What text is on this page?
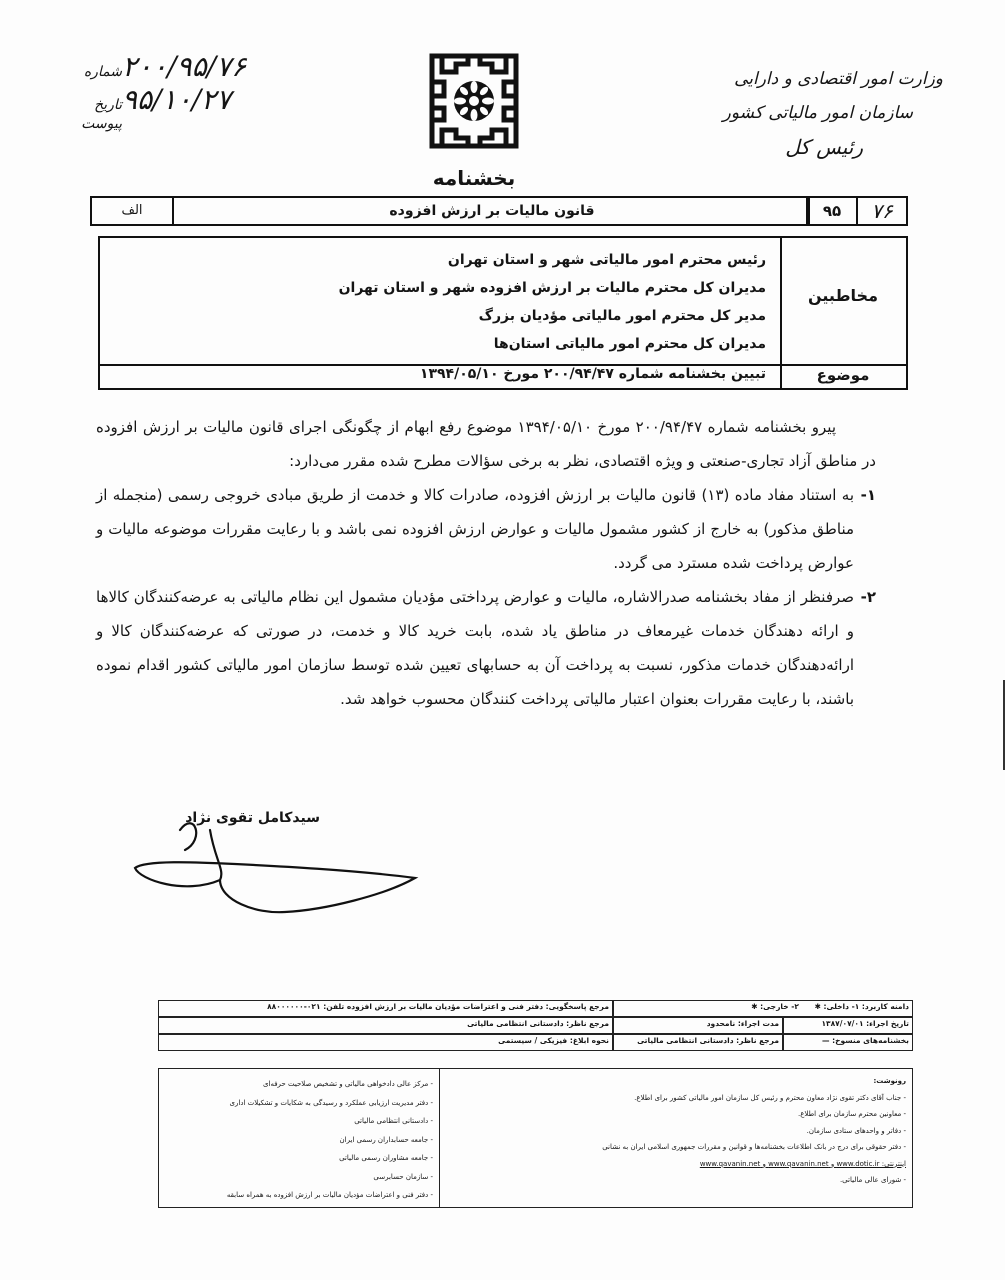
وزارت امور اقتصادی و دارایی
سازمان امور مالیاتی کشور
رئیس کل
شماره ۲۰۰/۹۵/۷۶
تاریخ ۹۵/۱۰/۲۷
پیوست
بخشنامه
الف	قانون مالیات بر ارزش افزوده	۷۶
۹۵
مخاطبین
رئیس محترم امور مالیاتی شهر و استان تهران
مدیران کل محترم مالیات بر ارزش افزوده شهر و استان تهران
مدیر کل محترم امور مالیاتی مؤدیان بزرگ
مدیران کل محترم امور مالیاتی استان‌ها
موضوع
تبیین بخشنامه شماره ۲۰۰/۹۴/۴۷ مورخ ۱۳۹۴/۰۵/۱۰

پیرو بخشنامه شماره ۲۰۰/۹۴/۴۷ مورخ ۱۳۹۴/۰۵/۱۰ موضوع رفع ابهام از چگونگی اجرای قانون مالیات بر ارزش افزوده در مناطق آزاد تجاری-صنعتی و ویژه اقتصادی، نظر به برخی سؤالات مطرح شده مقرر می‌دارد:

۱-
به استناد مفاد ماده (۱۳) قانون مالیات بر ارزش افزوده، صادرات کالا و خدمت از طریق مبادی خروجی رسمی (منجمله از مناطق مذکور) به خارج از کشور مشمول مالیات و عوارض ارزش افزوده نمی باشد و با رعایت مقررات موضوعه مالیات و عوارض پرداخت شده مسترد می گردد.
۲-
صرفنظر از مفاد بخشنامه صدرالاشاره، مالیات و عوارض پرداختی مؤدیان مشمول این نظام مالیاتی به عرضه‌کنندگان کالاها و ارائه دهندگان خدمات غیرمعاف در مناطق یاد شده، بابت خرید کالا و خدمت، در صورتی که عرضه‌کنندگان کالا و ارائه‌دهندگان خدمات مذکور، نسبت به پرداخت آن به حسابهای تعیین شده توسط سازمان امور مالیاتی کشور اقدام نموده باشند، با رعایت مقررات بعنوان اعتبار مالیاتی پرداخت کنندگان محسوب خواهد شد.
سیدکامل تقوی نژاد
دامنه کاربرد: ۱- داخلی: ✱      ۲- خارجی: ✱
مرجع پاسخگویی: دفتر فنی و اعتراضات مؤدیان مالیات بر ارزش افزوده تلفن: ۰۲۱-۸۸۰۰۰۰۰۰
تاریخ اجراء: ۱۳۸۷/۰۷/۰۱
مدت اجراء: نامحدود
مرجع ناظر: دادستانی انتظامی مالیاتی
بخشنامه‌های منسوخ: —
مرجع ناظر: دادستانی انتظامی مالیاتی
نحوه ابلاغ: فیزیکی / سیستمی
رونوشت:
- جناب آقای دکتر تقوی نژاد معاون محترم و رئیس کل سازمان امور مالیاتی کشور برای اطلاع.
- معاونین محترم سازمان برای اطلاع.
- دفاتر و واحدهای ستادی سازمان.
- دفتر حقوقی برای درج در بانک اطلاعات بخشنامه‌ها و قوانین و مقررات جمهوری اسلامی ایران به نشانی
اینترنتی: www.dotic.ir و www.qavanin.net و www.qavanin.net
- شورای عالی مالیاتی.
- مرکز عالی دادخواهی مالیاتی و تشخیص صلاحیت حرفه‌ای
- دفتر مدیریت ارزیابی عملکرد و رسیدگی به شکایات و تشکیلات اداری
- دادستانی انتظامی مالیاتی
- جامعه حسابداران رسمی ایران
- جامعه مشاوران رسمی مالیاتی
- سازمان حسابرسی
- دفتر فنی و اعتراضات مؤدیان مالیات بر ارزش افزوده به همراه سابقه
